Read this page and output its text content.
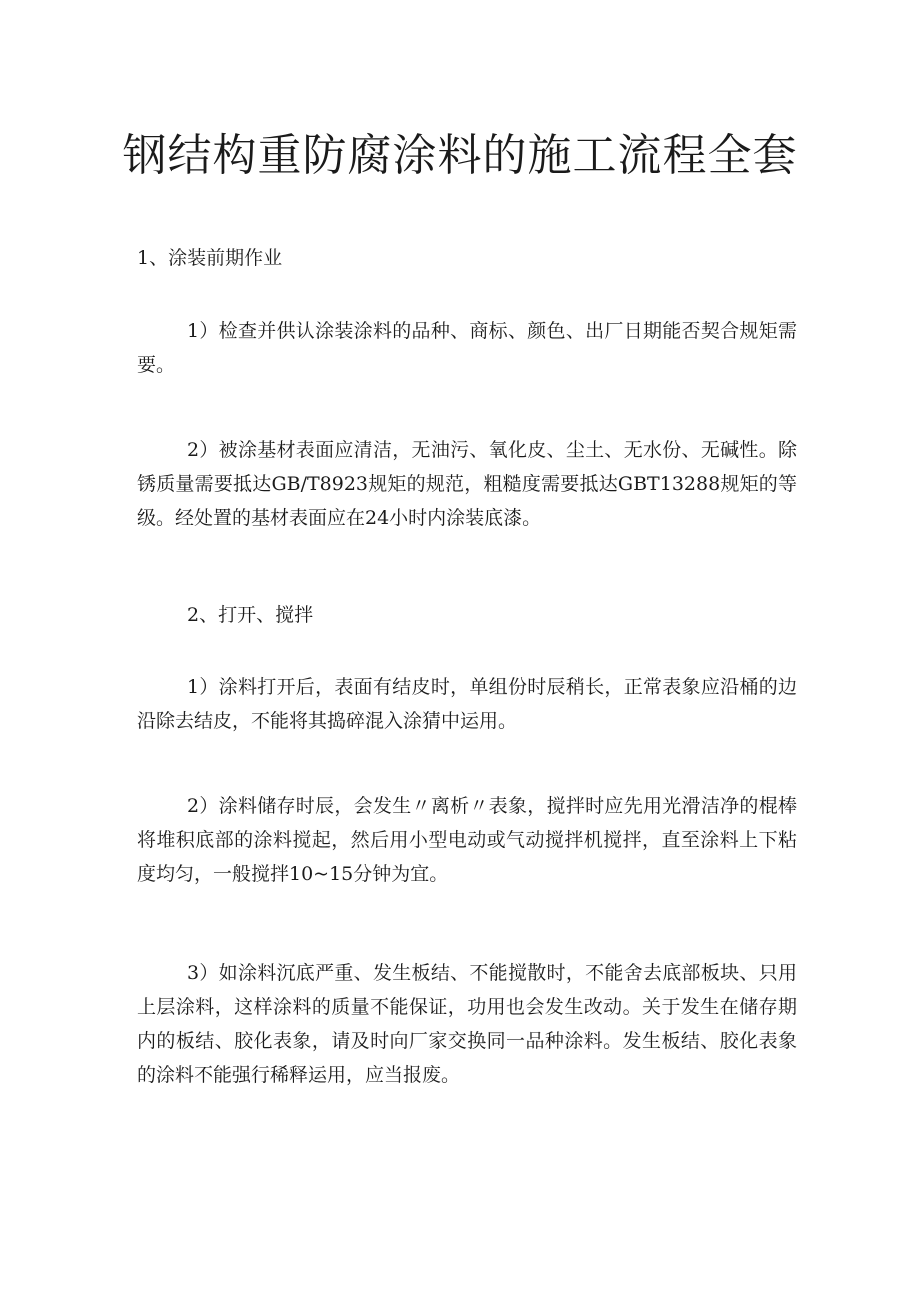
钢结构重防腐涂料的施工流程全套

1、涂装前期作业

1）检查并供认涂装涂料的品种、商标、颜色、出厂日期能否契合规矩需要。

2）被涂基材表面应清洁，无油污、氧化皮、尘土、无水份、无碱性。除锈质量需要抵达GB/T8923规矩的规范，粗糙度需要抵达GBT13288规矩的等级。经处置的基材表面应在24小时内涂装底漆。

2、打开、搅拌

1）涂料打开后，表面有结皮时，单组份时辰稍长，正常表象应沿桶的边沿除去结皮，不能将其捣碎混入涂猜中运用。

2）涂料储存时辰，会发生〃离析〃表象，搅拌时应先用光滑洁净的棍棒将堆积底部的涂料搅起，然后用小型电动或气动搅拌机搅拌，直至涂料上下粘度均匀，一般搅拌10~15分钟为宜。

3）如涂料沉底严重、发生板结、不能搅散时，不能舍去底部板块、只用上层涂料，这样涂料的质量不能保证，功用也会发生改动。关于发生在储存期内的板结、胶化表象，请及时向厂家交换同一品种涂料。发生板结、胶化表象的涂料不能强行稀释运用，应当报废。
